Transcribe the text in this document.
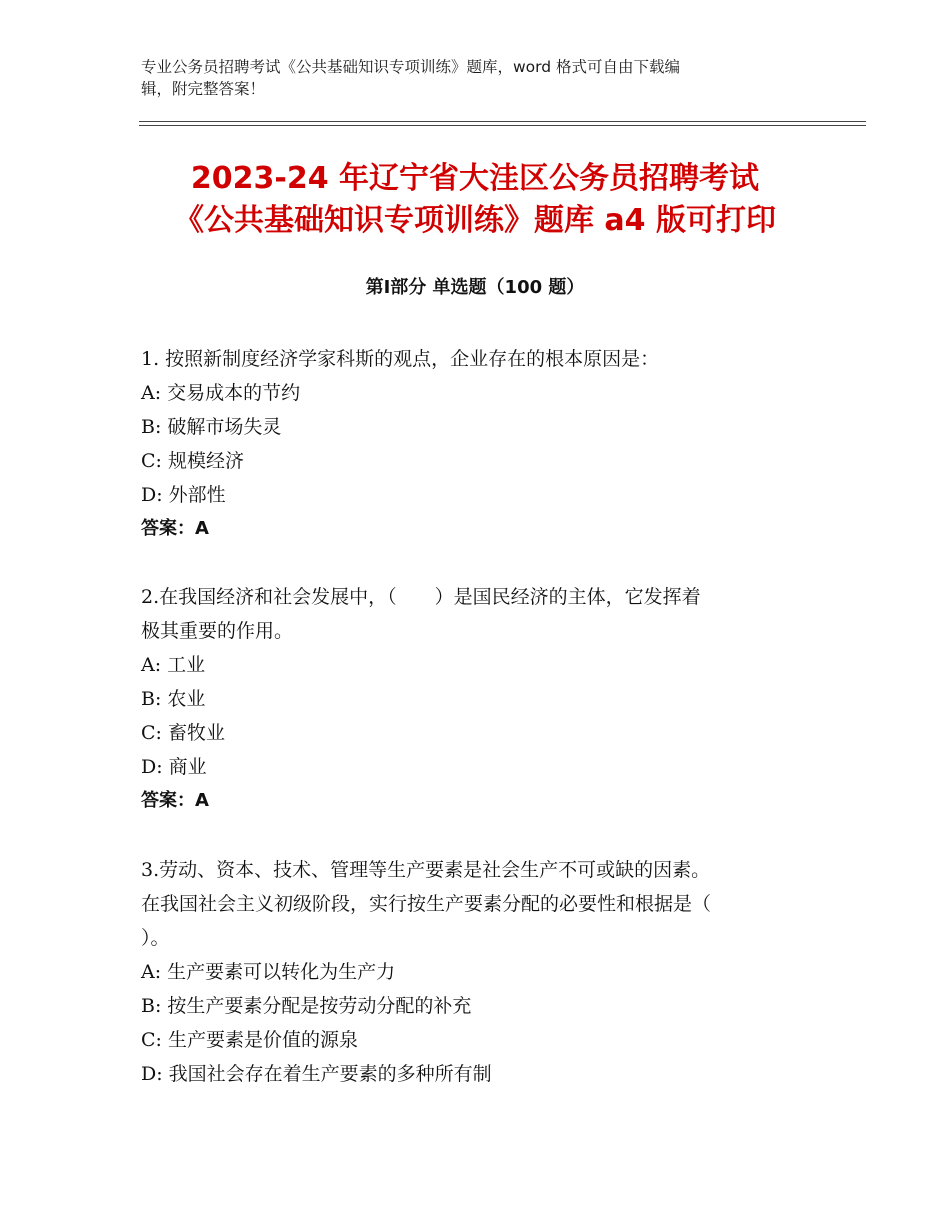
专业公务员招聘考试《公共基础知识专项训练》题库，word 格式可自由下载编
辑，附完整答案！
2023-24 年辽宁省大洼区公务员招聘考试
《公共基础知识专项训练》题库 a4 版可打印
第Ⅰ部分 单选题（100 题）
1. 按照新制度经济学家科斯的观点，企业存在的根本原因是：
A: 交易成本的节约
B: 破解市场失灵
C: 规模经济
D: 外部性
答案：A
2.在我国经济和社会发展中，（　　）是国民经济的主体，它发挥着
极其重要的作用。
A: 工业
B: 农业
C: 畜牧业
D: 商业
答案：A
3.劳动、资本、技术、管理等生产要素是社会生产不可或缺的因素。
在我国社会主义初级阶段，实行按生产要素分配的必要性和根据是（
）。
A: 生产要素可以转化为生产力
B: 按生产要素分配是按劳动分配的补充
C: 生产要素是价值的源泉
D: 我国社会存在着生产要素的多种所有制
